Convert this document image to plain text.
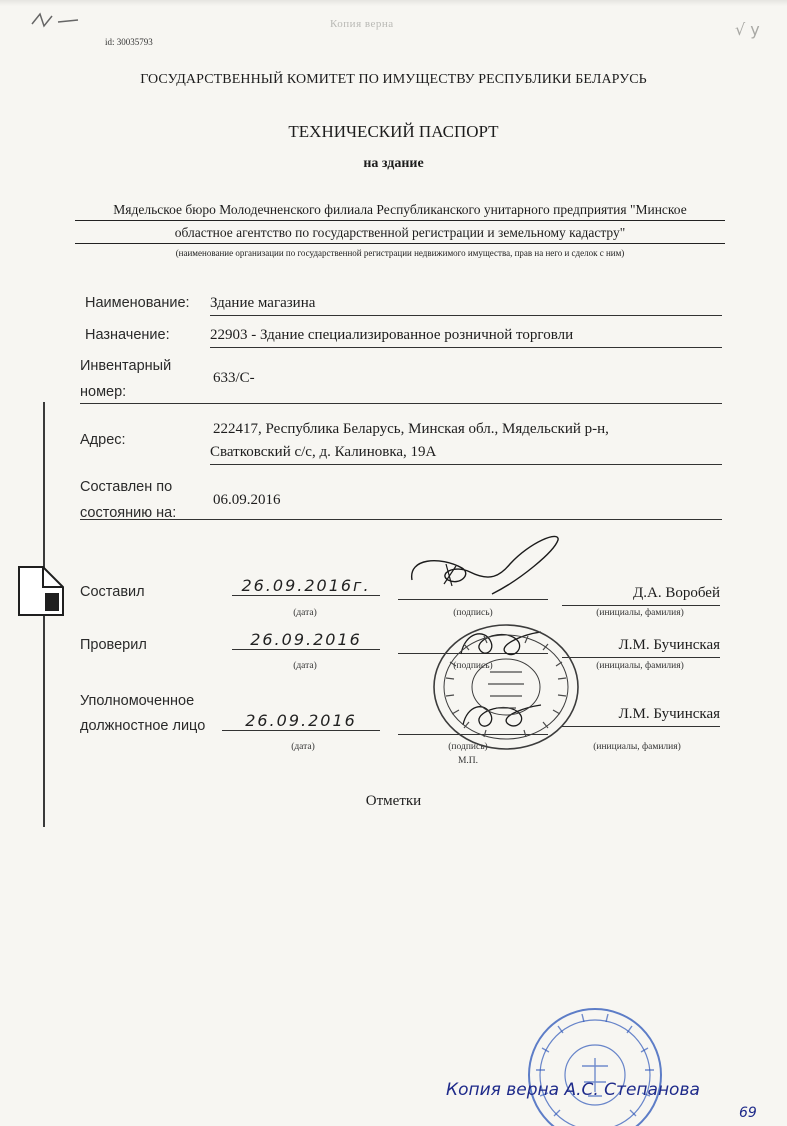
Копия верна	√ у
id: 30035793
ГОСУДАРСТВЕННЫЙ КОМИТЕТ ПО ИМУЩЕСТВУ РЕСПУБЛИКИ БЕЛАРУСЬ
ТЕХНИЧЕСКИЙ ПАСПОРТ
на здание
Мядельское бюро Молодечненского филиала Республиканского унитарного предприятия "Минское
областное агентство по государственной регистрации и земельному кадастру"
(наименование организации по государственной регистрации недвижимого имущества, прав на него и сделок с ним)
Наименование: Здание магазина
Назначение:	22903 - Здание специализированное розничной торговли
Инвентарный
номер:
633/С-
Адрес:
222417, Республика Беларусь, Минская обл., Мядельский р-н,
Сватковский с/с, д. Калиновка, 19А
Составлен по
состоянию на:
06.09.2016
Составил	26.09.2016г.	Д.А. Воробей
(дата)	(подпись)	(инициалы, фамилия)
Проверил	26.09.2016	Л.М. Бучинская
(дата)	(подпись)	(инициалы, фамилия)
Уполномоченное
должностное лицо	26.09.2016	Л.М. Бучинская
(дата)	(подпись)	(инициалы, фамилия)
М.П.
Отметки
Копия верна А.С. Степанова
69
